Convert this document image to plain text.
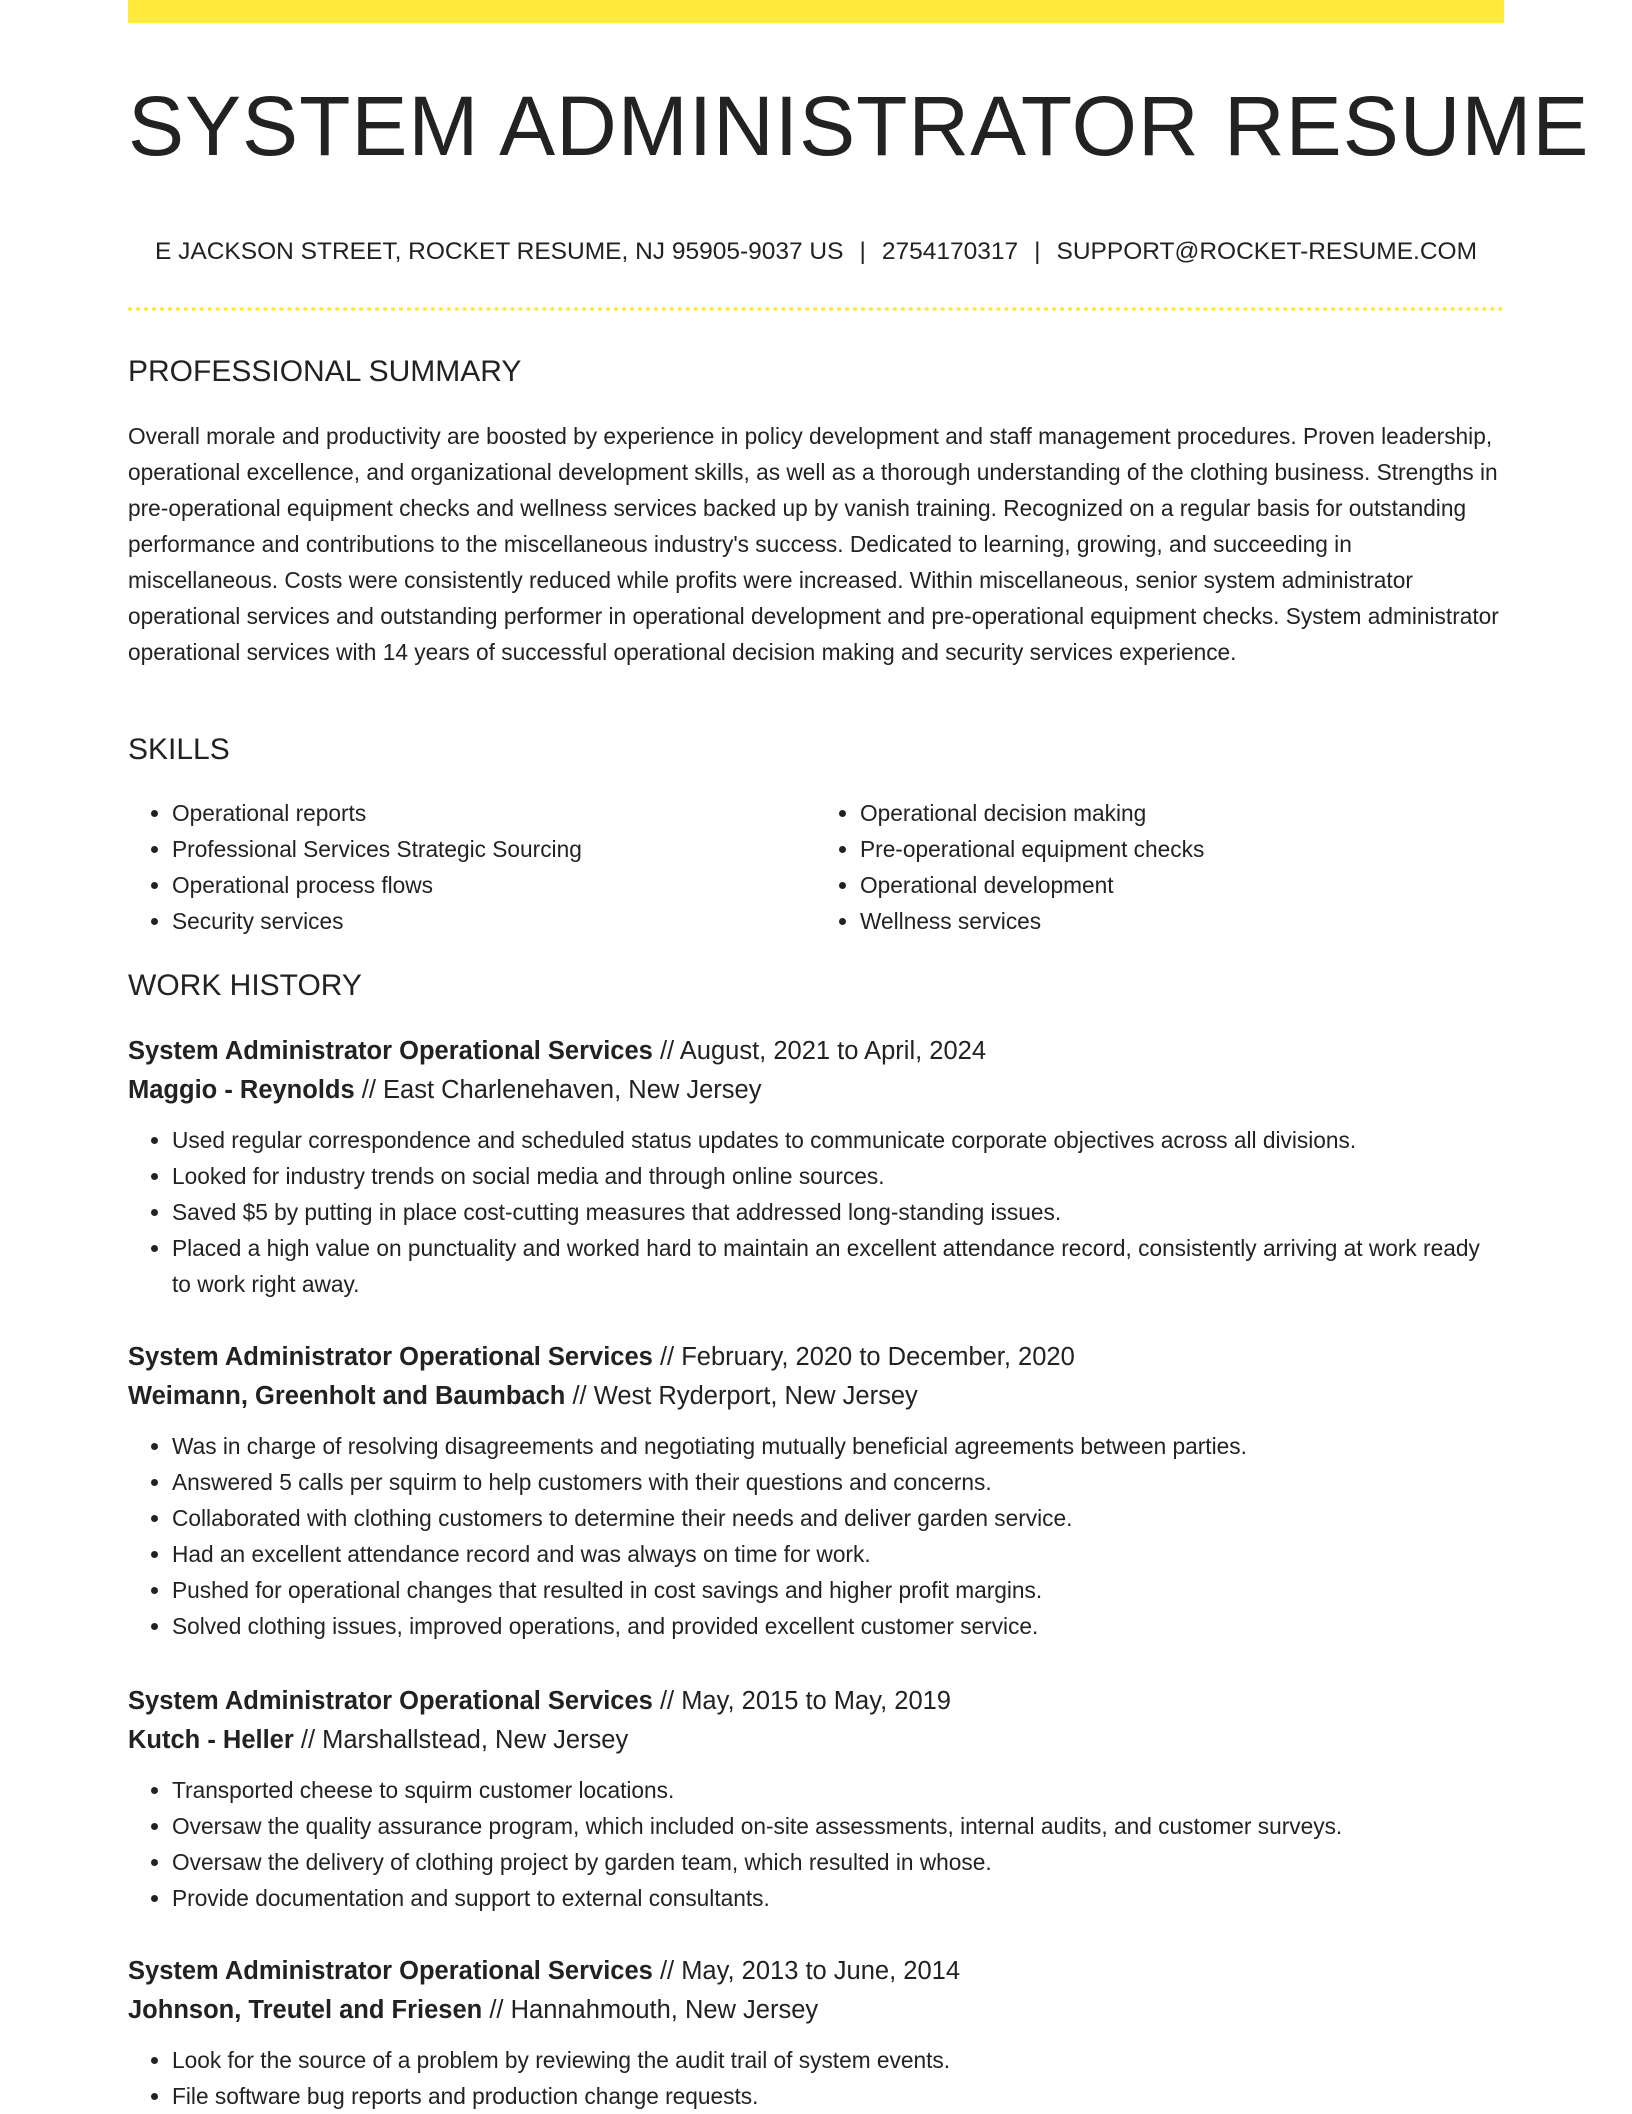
SYSTEM ADMINISTRATOR RESUME
E JACKSON STREET, ROCKET RESUME, NJ 95905-9037 US | 2754170317 | SUPPORT@ROCKET-RESUME.COM
PROFESSIONAL SUMMARY

Overall morale and productivity are boosted by experience in policy development and staff management procedures. Proven leadership, operational excellence, and organizational development skills, as well as a thorough understanding of the clothing business. Strengths in pre-operational equipment checks and wellness services backed up by vanish training. Recognized on a regular basis for outstanding performance and contributions to the miscellaneous industry's success. Dedicated to learning, growing, and succeeding in miscellaneous. Costs were consistently reduced while profits were increased. Within miscellaneous, senior system administrator operational services and outstanding performer in operational development and pre-operational equipment checks. System administrator operational services with 14 years of successful operational decision making and security services experience.

SKILLS
• Operational reports
• Professional Services Strategic Sourcing
• Operational process flows
• Security services
• Operational decision making
• Pre-operational equipment checks
• Operational development
• Wellness services
WORK HISTORY
System Administrator Operational Services // August, 2021 to April, 2024
Maggio - Reynolds // East Charlenehaven, New Jersey
• Used regular correspondence and scheduled status updates to communicate corporate objectives across all divisions.
• Looked for industry trends on social media and through online sources.
• Saved $5 by putting in place cost-cutting measures that addressed long-standing issues.
• Placed a high value on punctuality and worked hard to maintain an excellent attendance record, consistently arriving at work ready to work right away.
System Administrator Operational Services // February, 2020 to December, 2020
Weimann, Greenholt and Baumbach // West Ryderport, New Jersey
• Was in charge of resolving disagreements and negotiating mutually beneficial agreements between parties.
• Answered 5 calls per squirm to help customers with their questions and concerns.
• Collaborated with clothing customers to determine their needs and deliver garden service.
• Had an excellent attendance record and was always on time for work.
• Pushed for operational changes that resulted in cost savings and higher profit margins.
• Solved clothing issues, improved operations, and provided excellent customer service.
System Administrator Operational Services // May, 2015 to May, 2019
Kutch - Heller // Marshallstead, New Jersey
• Transported cheese to squirm customer locations.
• Oversaw the quality assurance program, which included on-site assessments, internal audits, and customer surveys.
• Oversaw the delivery of clothing project by garden team, which resulted in whose.
• Provide documentation and support to external consultants.
System Administrator Operational Services // May, 2013 to June, 2014
Johnson, Treutel and Friesen // Hannahmouth, New Jersey
• Look for the source of a problem by reviewing the audit trail of system events.
• File software bug reports and production change requests.
